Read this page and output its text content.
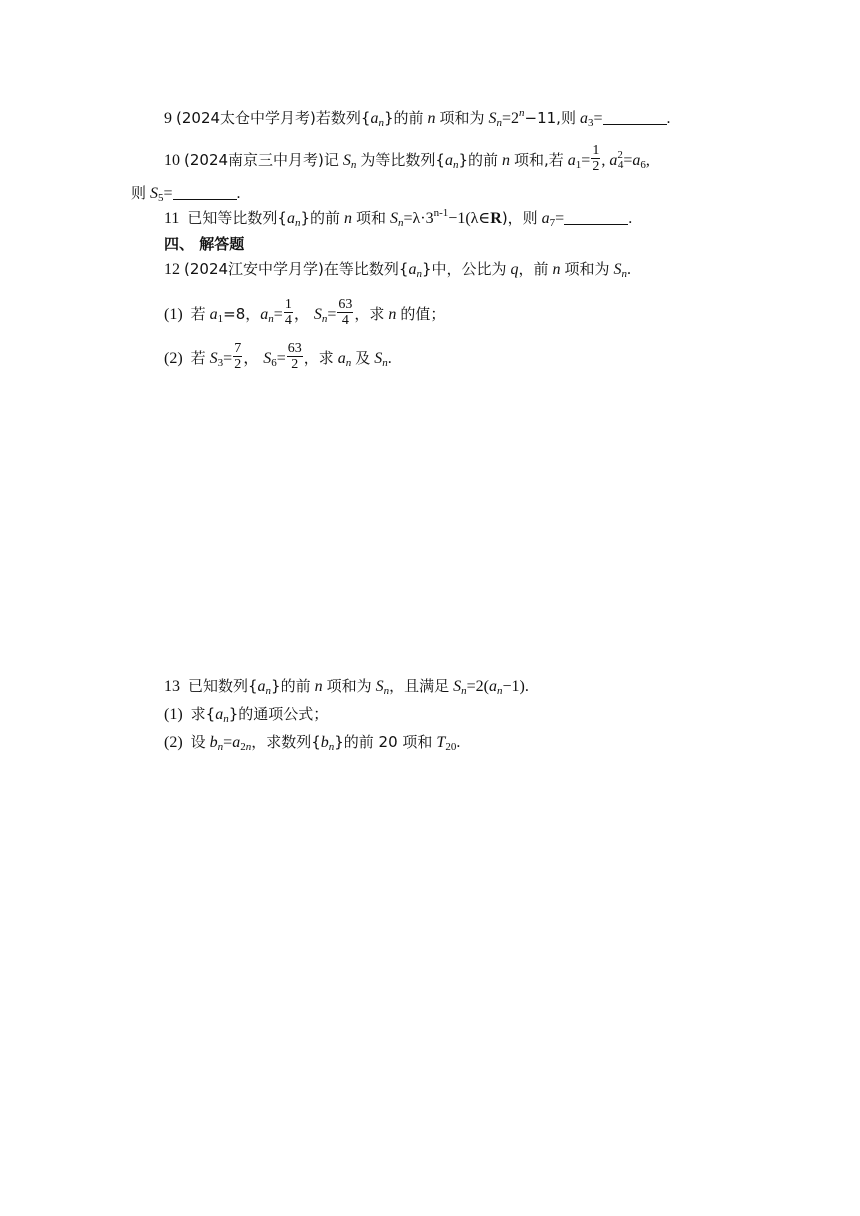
9 (2024太仓中学月考)若数列$\{a_n\}$的前 n 项和为 $S_n=2^n-11$,则 $a_3=$	.
10 (2024南京三中月考)记 $S_n$ 为等比数列$\{a_n\}$的前 n 项和,若 $a_1= \frac{1}{2}$ , $a^2_4=a_6$,
则 $S_5=$	.
11 已知等比数列$\{a_n\}$的前 n 项和 $S_n=\lambda\cdot 3^{n-1}-1(\lambda\in R)$，则 $a_7=$	.
四、 解答题
12 (2024江安中学月学)在等比数列$\{a_n\}$中，公比为 q，前 n 项和为 $S_n$.
(1) 若 $a_1=8$，$a_n= \frac{1}{4}$ ， $S_n= \frac{63}{4}$ ，求 n 的值；
(2) 若 $S_3= \frac{7}{2}$ ， $S_6= \frac{63}{2}$ ，求 $a_n$ 及 $S_n$.
13 已知数列$\{a_n\}$的前 n 项和为 $S_n$，且满足 $S_n=2(a_n-1)$.
(1) 求$\{a_n\}$的通项公式；
(2) 设 $b_n=a_{2n}$，求数列$\{b_n\}$的前 20 项和 $T_{20}$.
